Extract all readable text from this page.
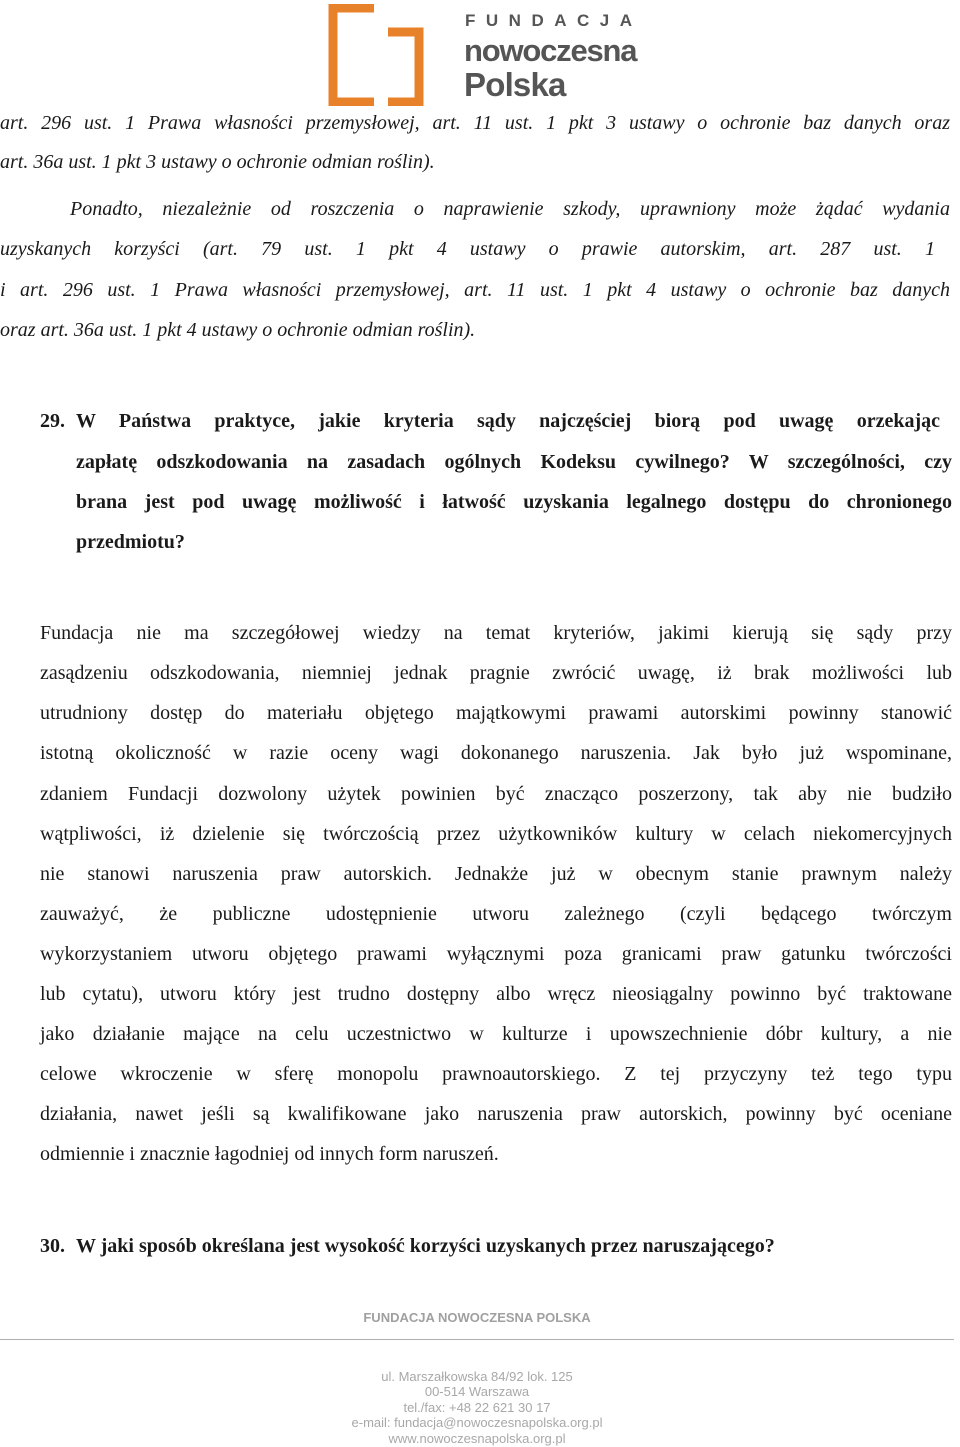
FUNDACJA
nowoczesna
Polska
art. 296 ust. 1 Prawa własności przemysłowej, art. 11 ust. 1 pkt 3 ustawy o ochronie baz danych oraz
art. 36a ust. 1 pkt 3 ustawy o ochronie odmian roślin).
Ponadto, niezależnie od roszczenia o naprawienie szkody, uprawniony może żądać wydania
uzyskanych korzyści (art. 79 ust. 1 pkt 4 ustawy o prawie autorskim, art. 287 ust. 1
i art. 296 ust. 1 Prawa własności przemysłowej, art. 11 ust. 1 pkt 4 ustawy o ochronie baz danych
oraz art. 36a ust. 1 pkt 4 ustawy o ochronie odmian roślin).
29. W Państwa praktyce, jakie kryteria sądy najczęściej biorą pod uwagę orzekając
zapłatę odszkodowania na zasadach ogólnych Kodeksu cywilnego? W szczególności, czy
brana jest pod uwagę możliwość i łatwość uzyskania legalnego dostępu do chronionego
przedmiotu?
Fundacja nie ma szczegółowej wiedzy na temat kryteriów, jakimi kierują się sądy przy
zasądzeniu odszkodowania, niemniej jednak pragnie zwrócić uwagę, iż brak możliwości lub
utrudniony dostęp do materiału objętego majątkowymi prawami autorskimi powinny stanowić
istotną okoliczność w razie oceny wagi dokonanego naruszenia. Jak było już wspominane,
zdaniem Fundacji dozwolony użytek powinien być znacząco poszerzony, tak aby nie budziło
wątpliwości, iż dzielenie się twórczością przez użytkowników kultury w celach niekomercyjnych
nie stanowi naruszenia praw autorskich. Jednakże już w obecnym stanie prawnym należy
zauważyć, że publiczne udostępnienie utworu zależnego (czyli będącego twórczym
wykorzystaniem utworu objętego prawami wyłącznymi poza granicami praw gatunku twórczości
lub cytatu), utworu który jest trudno dostępny albo wręcz nieosiągalny powinno być traktowane
jako działanie mające na celu uczestnictwo w kulturze i upowszechnienie dóbr kultury, a nie
celowe wkroczenie w sferę monopolu prawnoautorskiego. Z tej przyczyny też tego typu
działania, nawet jeśli są kwalifikowane jako naruszenia praw autorskich, powinny być oceniane
odmiennie i znacznie łagodniej od innych form naruszeń.
30. W jaki sposób określana jest wysokość korzyści uzyskanych przez naruszającego?
FUNDACJA NOWOCZESNA POLSKA
ul. Marszałkowska 84/92 lok. 125
00-514 Warszawa
tel./fax: +48 22 621 30 17
e-mail: fundacja@nowoczesnapolska.org.pl
www.nowoczesnapolska.org.pl
